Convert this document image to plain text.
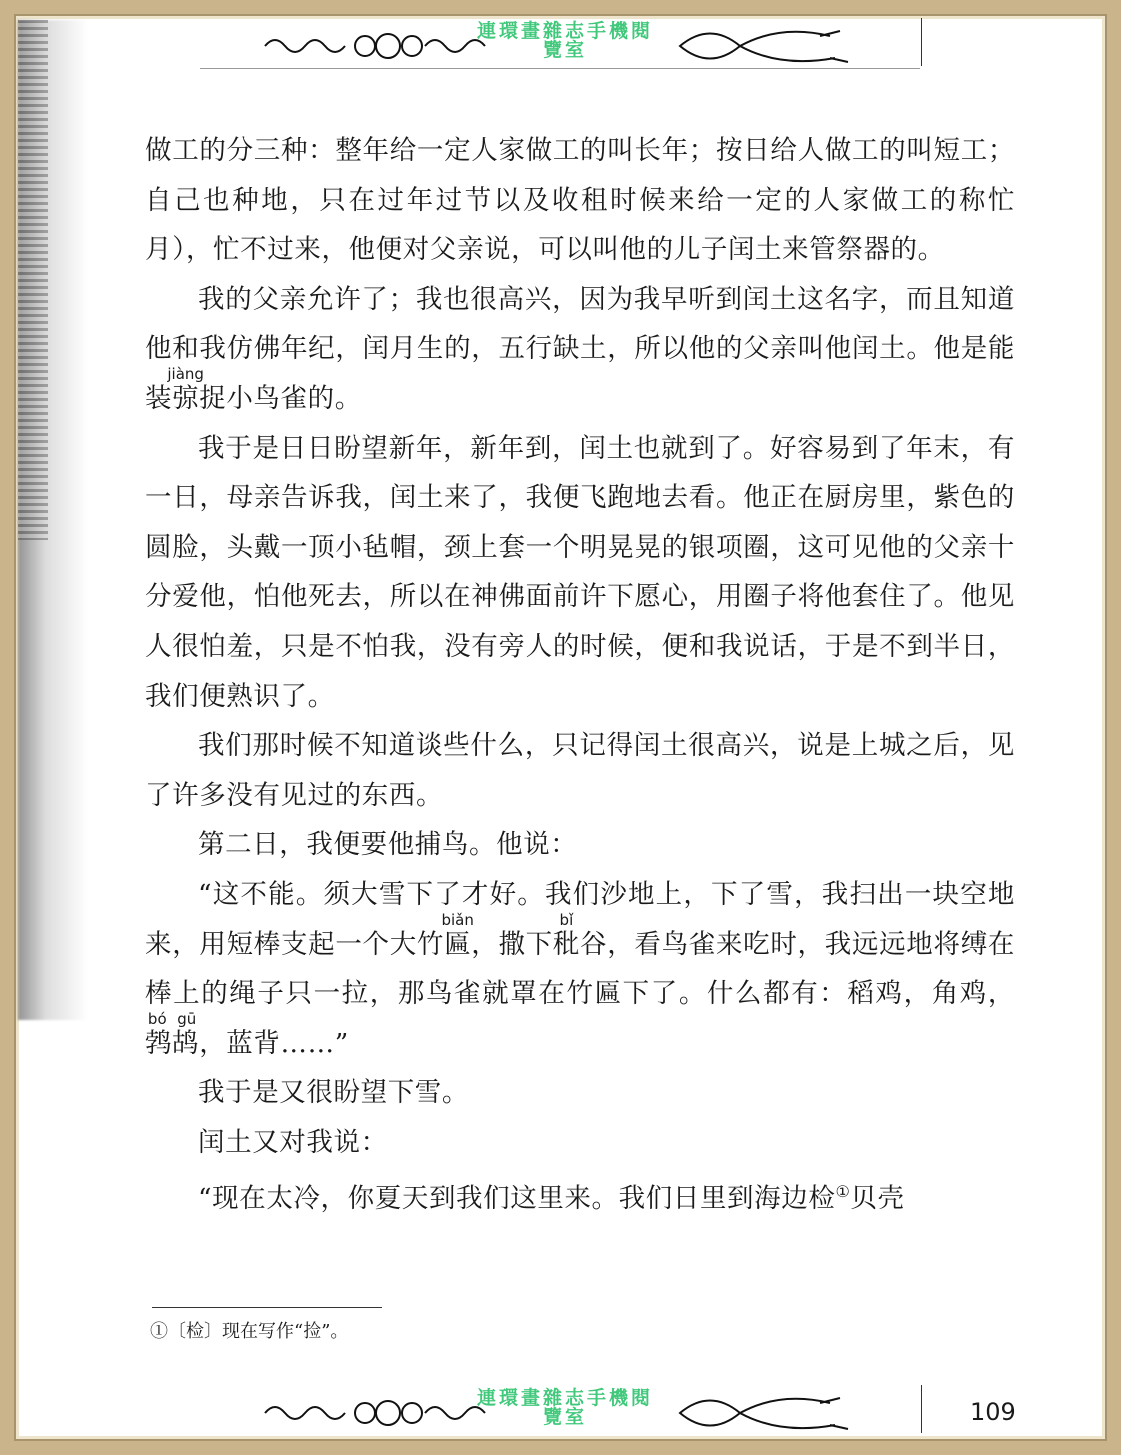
連環畫雜志手機閱
覽室

做工的分三种：整年给一定人家做工的叫长年；按日给人做工的叫短工；自己也种地，只在过年过节以及收租时候来给一定的人家做工的称忙月），忙不过来，他便对父亲说，可以叫他的儿子闰土来管祭器的。

我的父亲允许了；我也很高兴，因为我早听到闰土这名字，而且知道他和我仿佛年纪，闰月生的，五行缺土，所以他的父亲叫他闰土。他是能装弶jiàng捉小鸟雀的。

我于是日日盼望新年，新年到，闰土也就到了。好容易到了年末，有一日，母亲告诉我，闰土来了，我便飞跑地去看。他正在厨房里，紫色的圆脸，头戴一顶小毡帽，颈上套一个明晃晃的银项圈，这可见他的父亲十分爱他，怕他死去，所以在神佛面前许下愿心，用圈子将他套住了。他见人很怕羞，只是不怕我，没有旁人的时候，便和我说话，于是不到半日，我们便熟识了。

我们那时候不知道谈些什么，只记得闰土很高兴，说是上城之后，见了许多没有见过的东西。

第二日，我便要他捕鸟。他说：

“这不能。须大雪下了才好。我们沙地上，下了雪，我扫出一块空地来，用短棒支起一个大竹匾biǎn，撒下秕bǐ谷，看鸟雀来吃时，我远远地将缚在棒上的绳子只一拉，那鸟雀就罩在竹匾下了。什么都有：稻鸡，角鸡，鹁鸪bó gū，蓝背……”

我于是又很盼望下雪。

闰土又对我说：

“现在太冷，你夏天到我们这里来。我们日里到海边检①贝壳

①〔检〕现在写作“捡”。
連環畫雜志手機閱
覽室	109
